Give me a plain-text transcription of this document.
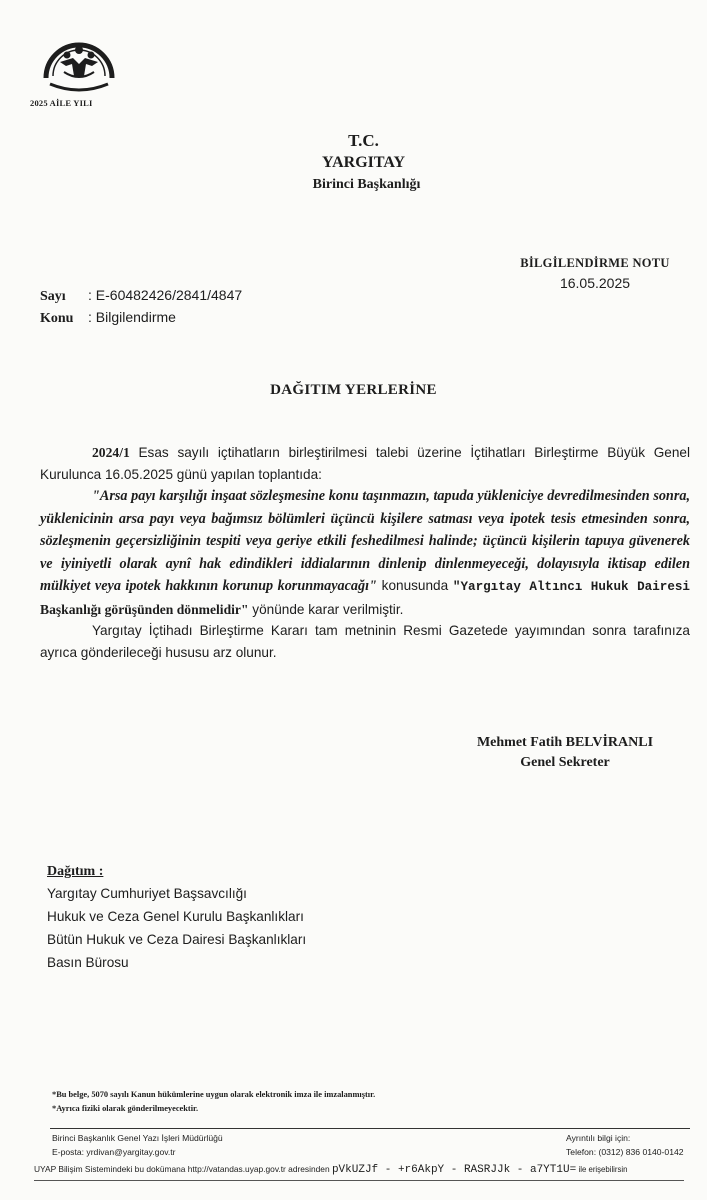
2025 AİLE YILI
T.C.
YARGITAY
Birinci Başkanlığı
BİLGİLENDİRME NOTU
16.05.2025
Sayı : E-60482426/2841/4847
Konu : Bilgilendirme
DAĞITIM YERLERİNE

2024/1 Esas sayılı içtihatların birleştirilmesi talebi üzerine İçtihatları Birleştirme Büyük Genel Kurulunca 16.05.2025 günü yapılan toplantıda:

"Arsa payı karşılığı inşaat sözleşmesine konu taşınmazın, tapuda yükleniciye devredilmesinden sonra, yüklenicinin arsa payı veya bağımsız bölümleri üçüncü kişilere satması veya ipotek tesis etmesinden sonra, sözleşmenin geçersizliğinin tespiti veya geriye etkili feshedilmesi halinde; üçüncü kişilerin tapuya güvenerek ve iyiniyetli olarak aynî hak edindikleri iddialarının dinlenip dinlenmeyeceği, dolayısıyla iktisap edilen mülkiyet veya ipotek hakkının korunup korunmayacağı" konusunda "Yargıtay Altıncı Hukuk Dairesi Başkanlığı görüşünden dönmelidir" yönünde karar verilmiştir.

Yargıtay İçtihadı Birleştirme Kararı tam metninin Resmi Gazetede yayımından sonra tarafınıza ayrıca gönderileceği hususu arz olunur.

Mehmet Fatih BELVİRANLI
Genel Sekreter
Dağıtım :
Yargıtay Cumhuriyet Başsavcılığı
Hukuk ve Ceza Genel Kurulu Başkanlıkları
Bütün Hukuk ve Ceza Dairesi Başkanlıkları
Basın Bürosu
*Bu belge, 5070 sayılı Kanun hükümlerine uygun olarak elektronik imza ile imzalanmıştır.
*Ayrıca fiziki olarak gönderilmeyecektir.
Birinci Başkanlık Genel Yazı İşleri Müdürlüğü
E-posta: yrdivan@yargitay.gov.tr
Ayrıntılı bilgi için:
Telefon: (0312) 836 0140-0142
UYAP Bilişim Sistemindeki bu dokümana http://vatandas.uyap.gov.tr adresinden pVkUZJf - +r6AkpY - RASRJJk - a7YT1U= ile erişebilirsin
